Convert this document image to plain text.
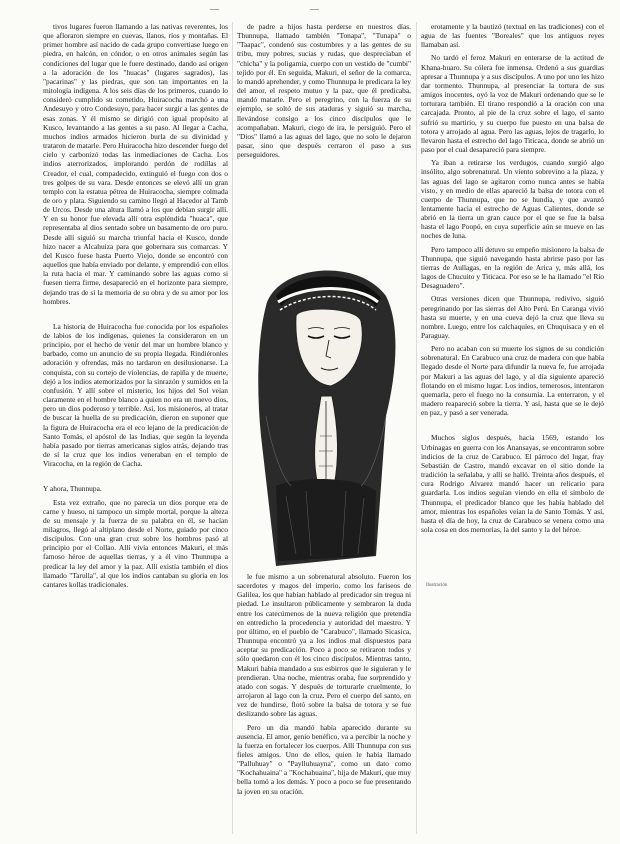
—	—

tivos lugares fueron llamando a las nativas reverentes, los que afloraron siempre en cuevas, llanos, ríos y montañas. El primer hombre así nacido de cada grupo convertiase luego en piedra, en halcón, en cóndor, o en otros animales según las condiciones del lugar que le fuere destinado, dando así origen a la adoración de los "huacas" (lugares sagrados), las "pacarinas" y las piedras, que son tan importantes en la mitología indígena. A los seis días de los primeros, cuando lo consideró cumplido su cometido, Huiracocha marchó a una Andesuyo y otro Condesuyo, para hacer surgir a las gentes de esas zonas. Y él mismo se dirigió con igual propósito al Kusco, levantando a las gentes a su paso. Al llegar a Cacha, muchos indios armados hicieron burla de su divinidad y trataron de matarle. Pero Huiracocha hizo descender fuego del cielo y carbonizó todas las inmediaciones de Cacha. Los indios aterrorizados, implorando perdón de rodillas al Creador, el cual, compadecido, extinguió el fuego con dos o tres golpes de su vara. Desde entonces se elevó allí un gran templo con la estatua pétrea de Huiracocha, siempre colmada de oro y plata. Siguiendo su camino llegó al Hacedor al Tamb de Urcos. Desde una altura llamó a los que debían surgir allí. Y en su honor fue elevada allí otra espléndida "huaca", que representaba al dios sentado sobre un basamento de oro puro. Desde allí siguió su marcha triunfal hacia el Kusco, donde hizo nacer a Alcahuiza para que gobernara sus comarcas. Y del Kusco fuese hasta Puerto Viejo, donde se encontró con aquellos que había enviado por delante, y emprendió con ellos la ruta hacia el mar. Y caminando sobre las aguas como si fuesen tierra firme, desapareció en el horizonte para siempre, dejando tras de sí la memoria de su obra y de su amor por los hombres.

La historia de Huiracocha fue conocida por los españoles de labios de los indígenas, quienes la consideraron en un principio, por el hecho de venir del mar un hombre blanco y barbado, como un anuncio de su propia llegada. Rindiéronles adoración y ofrendas, más no tardaron en desilusionarse. La conquista, con su cortejo de violencias, de rapiña y de muerte, dejó a los indios atemorizados por la sinrazón y sumidos en la confusión. Y allí sobre el misterio, los hijos del Sol veían claramente en el hombre blanco a quien no era un nuevo dios, pero un dios poderoso y terrible. Así, los misioneros, al tratar de buscar la huella de su predicación, dieron en suponer que la figura de Huiracocha era el eco lejano de la predicación de Santo Tomás, el apóstol de las Indias, que según la leyenda había pasado por tierras americanas siglos atrás, dejando tras de sí la cruz que los indios veneraban en el templo de Viracocha, en la región de Cacha.

Y ahora, Thunnupa.

Esta vez extraño, que no parecía un dios porque era de carne y hueso, ni tampoco un simple mortal, porque la alteza de su mensaje y la fuerza de su palabra en él, se hacían milagros, llegó al altiplano desde el Norte, guiado por cinco discípulos. Con una gran cruz sobre los hombros pasó al principio por el Collao. Allí vivía entonces Makuri, el más famoso héroe de aquellas tierras, y a él vino Thunnupa a predicar la ley del amor y la paz. Allí existía también el dios llamado "Tarulla", al que los indios cantaban su gloria en los cantares kollas tradicionales.

de padre a hijos hasta perderse en nuestros días. Thunnupa, llamado también "Tonapa", "Tunapa" o "Taapac", condenó sus costumbres y a las gentes de su tribu, muy pobres, sucias y rudas, que despreciaban el "chicha" y la poligamia, cuerpo con un vestido de "cumbi" tejido por él. En seguida, Makuri, el señor de la comarca, lo mandó aprehender, y como Thunnupa le predicara la ley del amor, el respeto mutuo y la paz, que él predicaba, mandó matarle. Pero el peregrino, con la fuerza de su ejemplo, se soltó de sus ataduras y siguió su marcha, llevándose consigo a los cinco discípulos que le acompañaban. Makuri, ciego de ira, le persiguió. Pero el "Dios" llamó a las aguas del lago, que no solo le dejaron pasar, sino que después cerraron el paso a sus perseguidores.

le fue mismo a un sobrenatural absoluto. Fueron los sacerdotes y magos del imperio, como los fariseos de Galilea, los que habían hablado al predicador sin tregua ni piedad. Le insultaron públicamente y sembraron la duda entre los catecúmenos de la nueva religión que pretendía en entredicho la procedencia y autoridad del maestro. Y por último, en el pueblo de "Carabuco", llamado Sicasica, Thunnupa encontró ya a los indios mal dispuestos para aceptar su predicación. Poco a poco se retiraron todos y sólo quedaron con él los cinco discípulos. Mientras tanto, Makuri había mandado a sus esbirros que le siguieran y le prendieran. Una noche, mientras oraba, fue sorprendido y atado con sogas. Y después de torturarle cruelmente, lo arrojaron al lago con la cruz. Pero el cuerpo del santo, en vez de hundirse, flotó sobre la balsa de totora y se fue deslizando sobre las aguas.

Pero un día mandó había aparecido durante su ausencia. El amor, genio benéfico, va a percibir la noche y la fuerza en fortalecer los cuerpos. Allí Thunnupa con sus fieles amigos. Uno de ellos, quien le había llamado "Palluhuay" o "Paylluhuayna", como un dato como "Kochahuaina" a "Kochahuaina", hija de Makuri, que muy bella tomó a los demás. Y poco a poco se fue presentando la joven en su oración.

erotamente y la bautizó (textual en las tradiciones) con el agua de las fuentes "Boreales" que los antiguos reyes llamaban así.

No tardó el feroz Makuri en enterarse de la actitud de Khana-huaro. Su cólera fue inmensa. Ordenó a sus guardias apresar a Thunnupa y a sus discípulos. A uno por uno les hizo dar tormento. Thunnupa, al presenciar la tortura de sus amigos inocentes, oyó la voz de Makuri ordenando que se le torturara también. El tirano respondió a la oración con una carcajada. Pronto, al pie de la cruz sobre el lago, el santo sufrió su martirio, y su cuerpo fue puesto en una balsa de totora y arrojado al agua. Pero las aguas, lejos de tragarlo, lo llevaron hasta el estrecho del lago Titicaca, donde se abrió un paso por el cual desapareció para siempre.

Ya iban a retirarse los verdugos, cuando surgió algo insólito, algo sobrenatural. Un viento sobrevino a la plaza, y las aguas del lago se agitaron como nunca antes se había visto, y en medio de ellas apareció la balsa de totora con el cuerpo de Thunnupa, que no se hundía, y que avanzó lentamente hacia el estrecho de Aguas Calientes, donde se abrió en la tierra un gran cauce por el que se fue la balsa hasta el lago Poopó, en cuya superficie aún se mueve en las noches de luna.

Pero tampoco allí detuvo su empeño misionero la balsa de Thunnupa, que siguió navegando hasta abrirse paso por las tierras de Aullagas, en la región de Arica y, más allá, los lagos de Chucuito y Titicaca. Por eso se le ha llamado "el Río Desaguadero".

Otras versiones dicen que Thunnupa, redivivo, siguió peregrinando por las sierras del Alto Perú. En Caranga vivió hasta su muerte, y en una cueva dejó la cruz que lleva su nombre. Luego, entre los calchaquíes, en Chuquisaca y en el Paraguay.

Pero no acaban con su muerte los signos de su condición sobrenatural. En Carabuco una cruz de madera con que había llegado desde el Norte para difundir la nueva fe, fue arrojada por Makuri a las aguas del lago, y al día siguiente apareció flotando en el mismo lugar. Los indios, temerosos, intentaron quemarla, pero el fuego no la consumía. La enterraron, y el madero reapareció sobre la tierra. Y así, hasta que se le dejó en paz, y pasó a ser venerada.

Muchos siglos después, hacia 1569, estando los Urbinagas en guerra con los Anansayas, se encontraron sobre indicios de la cruz de Carabuco. El párroco del lugar, fray Sebastián de Castro, mandó excavar en el sitio donde la tradición la señalaba, y allí se halló. Treinta años después, el cura Rodrigo Alvarez mandó hacer un relicario para guardarla. Los indios seguían viendo en ella el símbolo de Thunnupa, el predicador blanco que les había hablado del amor, mientras los españoles veían la de Santo Tomás. Y así, hasta el día de hoy, la cruz de Carabuco se venera como una sola cosa en dos memorias, la del santo y la del héroe.

Ilustración
